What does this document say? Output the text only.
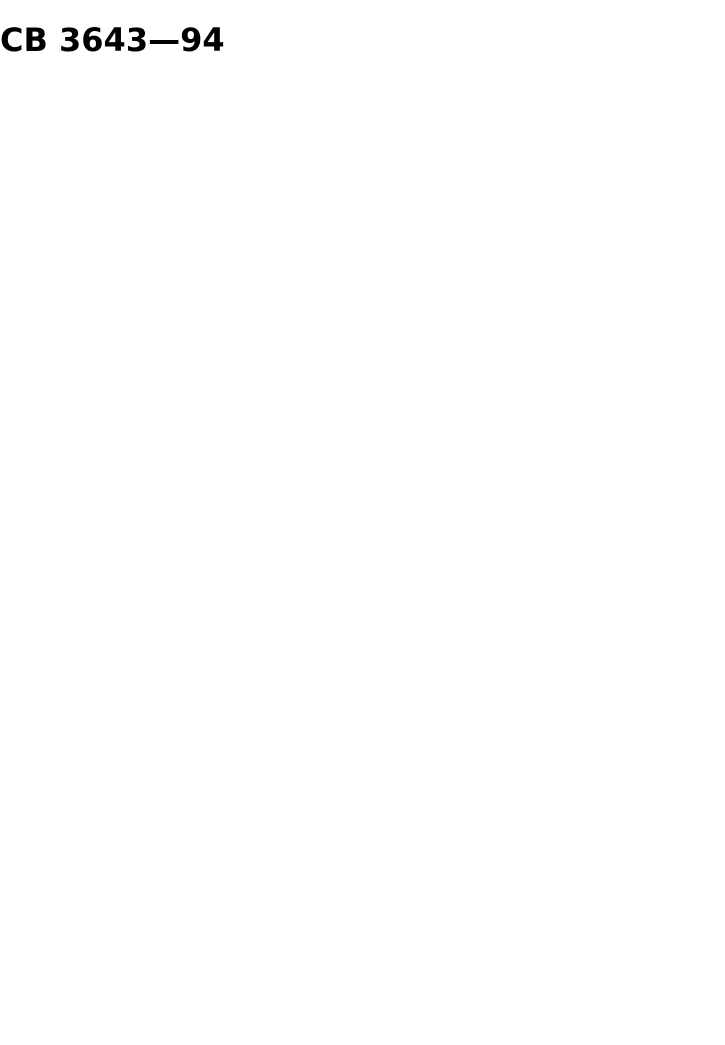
CB 3643—94
